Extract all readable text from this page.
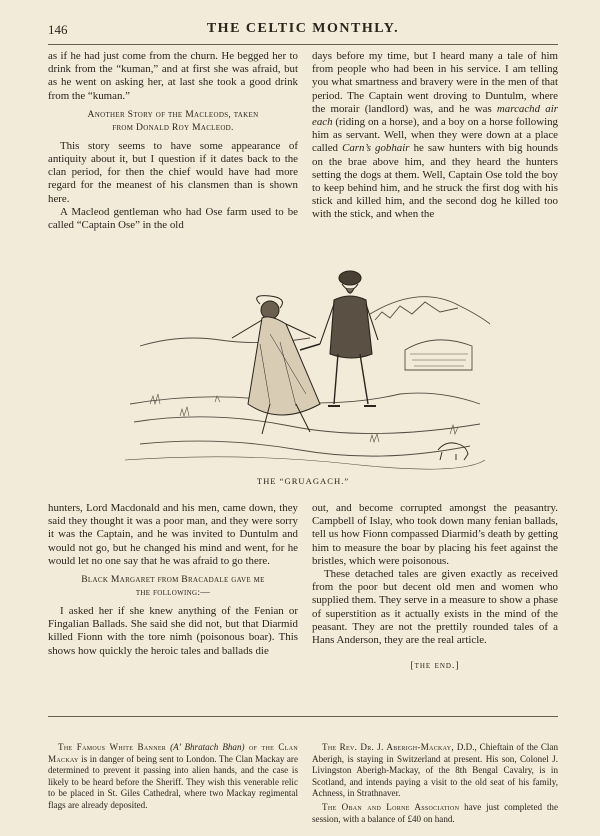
146	THE CELTIC MONTHLY.

as if he had just come from the churn. He begged her to drink from the “kuman,” and at first she was afraid, but as he went on asking her, at last she took a good drink from the “kuman.”

Another Story of the Macleods, taken
from Donald Roy Macleod.

This story seems to have some appearance of antiquity about it, but I question if it dates back to the clan period, for then the chief would have had more regard for the meanest of his clansmen than is shown here.

A Macleod gentleman who had Ose farm used to be called “Captain Ose” in the old

days before my time, but I heard many a tale of him from people who had been in his service. I am telling you what smartness and bravery were in the men of that period. The Captain went droving to Duntulm, where the morair (landlord) was, and he was marcachd air each (riding on a horse), and a boy on a horse following him as servant. Well, when they were down at a place called Carn’s gobhair he saw hunters with big hounds on the brae above him, and they heard the hunters setting the dogs at them. Well, Captain Ose told the boy to keep behind him, and he struck the first dog with his stick and killed him, and the second dog he killed too with the stick, and when the

THE “GRUAGACH.”

hunters, Lord Macdonald and his men, came down, they said they thought it was a poor man, and they were sorry it was the Captain, and he was invited to Duntulm and would not go, but he changed his mind and went, for he would let no one say that he was afraid to go there.

Black Margaret from Bracadale gave me
the following:—

I asked her if she knew anything of the Fenian or Fingalian Ballads. She said she did not, but that Diarmid killed Fionn with the tore nimh (poisonous boar). This shows how quickly the heroic tales and ballads die

out, and become corrupted amongst the peasantry. Campbell of Islay, who took down many fenian ballads, tell us how Fionn compassed Diarmid’s death by getting him to measure the boar by placing his feet against the bristles, which were poisonous.

These detached tales are given exactly as received from the poor but decent old men and women who supplied them. They serve in a measure to show a phase of superstition as it actually exists in the mind of the peasant. They are not the prettily rounded tales of a Hans Anderson, they are the real article.

[the end.]

The Famous White Banner (A’ Bhratach Bhan) of the Clan Mackay is in danger of being sent to London. The Clan Mackay are determined to prevent it passing into alien hands, and the case is likely to be heard before the Sheriff. They wish this venerable relic to be placed in St. Giles Cathedral, where two Mackay regimental flags are already deposited.

The Rev. Dr. J. Aberigh-Mackay, D.D., Chieftain of the Clan Aberigh, is staying in Switzerland at present. His son, Colonel J. Livingston Aberigh-Mackay, of the 8th Bengal Cavalry, is in Scotland, and intends paying a visit to the old seat of his family, Achness, in Strathnaver.

The Oban and Lorne Association have just completed the session, with a balance of £40 on hand.
